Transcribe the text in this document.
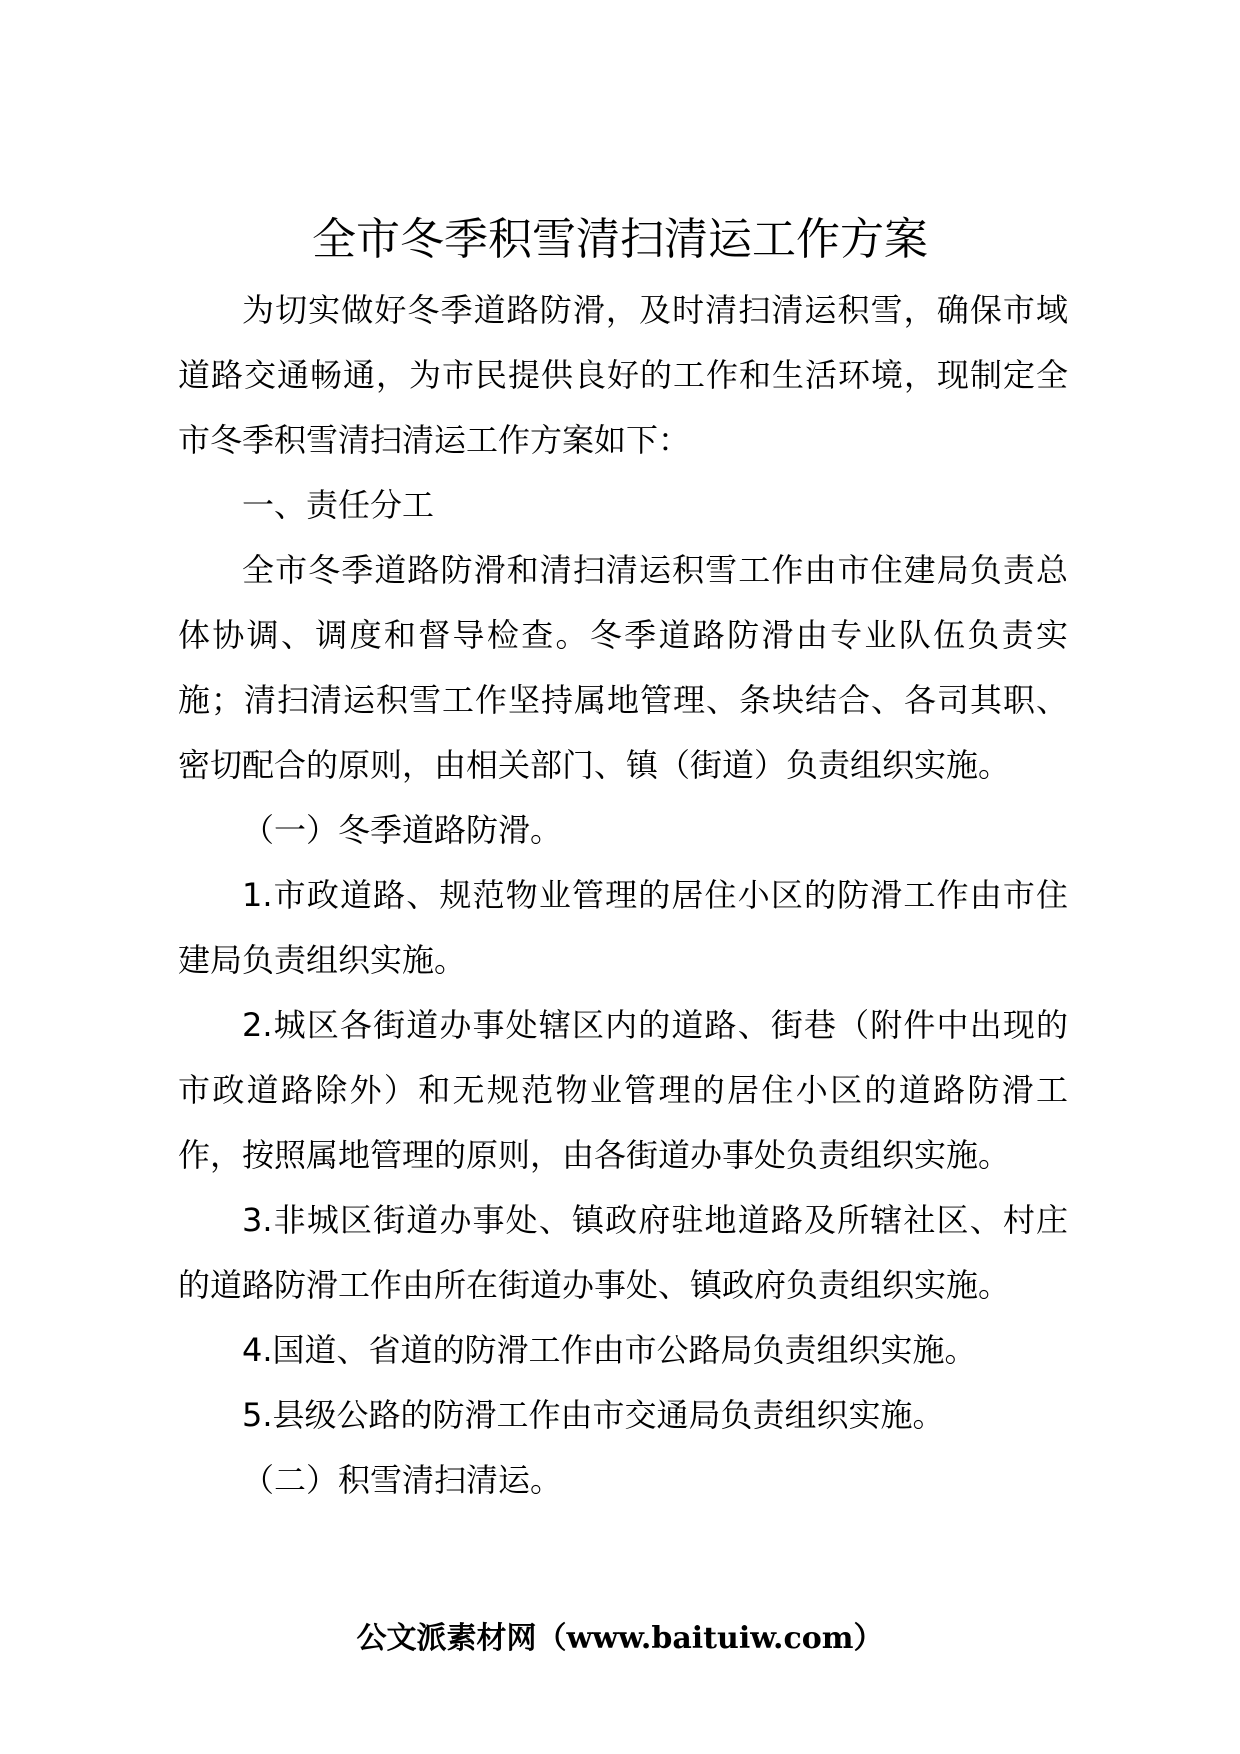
全市冬季积雪清扫清运工作方案

为切实做好冬季道路防滑，及时清扫清运积雪，确保市域道路交通畅通，为市民提供良好的工作和生活环境，现制定全市冬季积雪清扫清运工作方案如下：

一、责任分工

全市冬季道路防滑和清扫清运积雪工作由市住建局负责总体协调、调度和督导检查。冬季道路防滑由专业队伍负责实施；清扫清运积雪工作坚持属地管理、条块结合、各司其职、密切配合的原则，由相关部门、镇（街道）负责组织实施。

（一）冬季道路防滑。

1.市政道路、规范物业管理的居住小区的防滑工作由市住建局负责组织实施。

2.城区各街道办事处辖区内的道路、街巷（附件中出现的市政道路除外）和无规范物业管理的居住小区的道路防滑工作，按照属地管理的原则，由各街道办事处负责组织实施。

3.非城区街道办事处、镇政府驻地道路及所辖社区、村庄的道路防滑工作由所在街道办事处、镇政府负责组织实施。

4.国道、省道的防滑工作由市公路局负责组织实施。

5.县级公路的防滑工作由市交通局负责组织实施。

（二）积雪清扫清运。

公文派素材网（www.baituiw.com）
